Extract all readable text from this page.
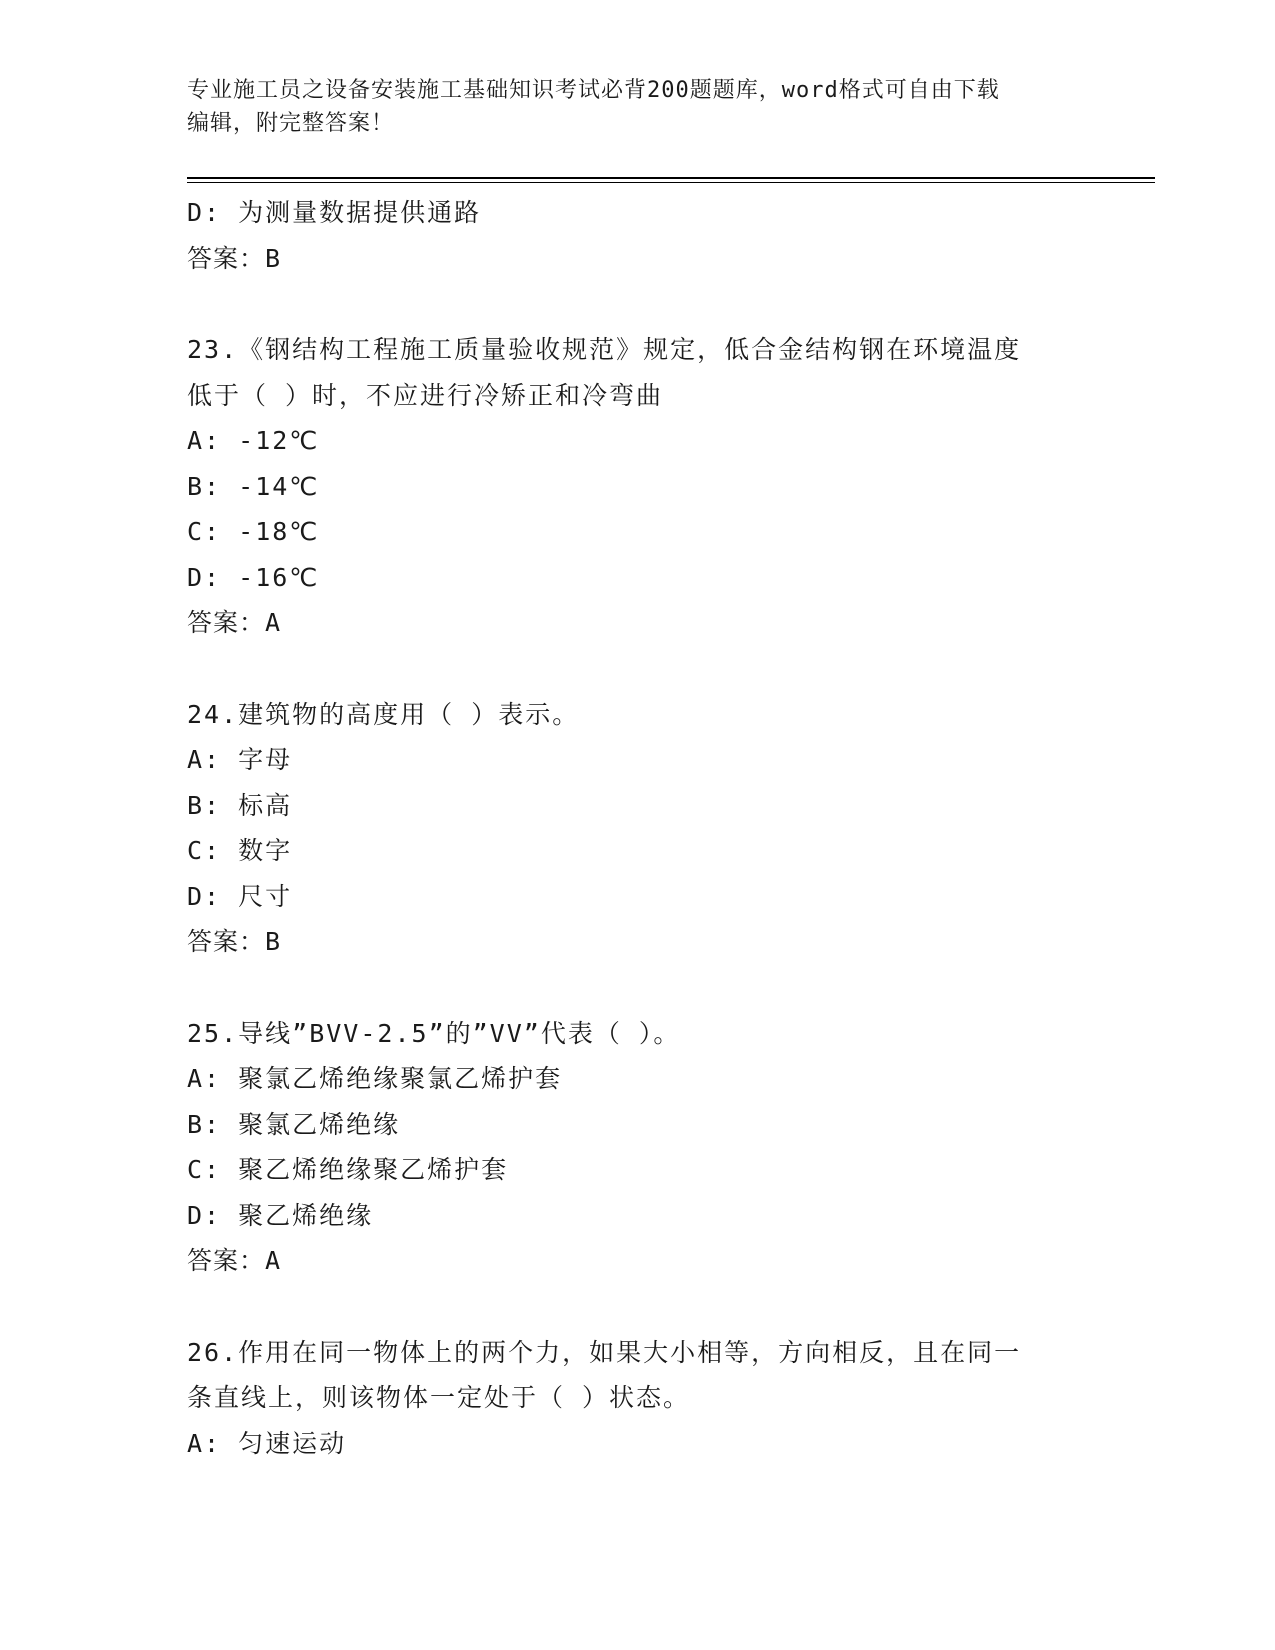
专业施工员之设备安装施工基础知识考试必背200题题库，word格式可自由下载
编辑，附完整答案！
D: 为测量数据提供通路
答案：B
23.《钢结构工程施工质量验收规范》规定，低合金结构钢在环境温度
低于（ ）时，不应进行冷矫正和冷弯曲
A: -12℃
B: -14℃
C: -18℃
D: -16℃
答案：A
24.建筑物的高度用（ ）表示。
A: 字母
B: 标高
C: 数字
D: 尺寸
答案：B
25.导线”BVV-2.5”的”VV”代表（ ）。
A: 聚氯乙烯绝缘聚氯乙烯护套
B: 聚氯乙烯绝缘
C: 聚乙烯绝缘聚乙烯护套
D: 聚乙烯绝缘
答案：A
26.作用在同一物体上的两个力，如果大小相等，方向相反，且在同一
条直线上，则该物体一定处于（ ）状态。
A: 匀速运动
